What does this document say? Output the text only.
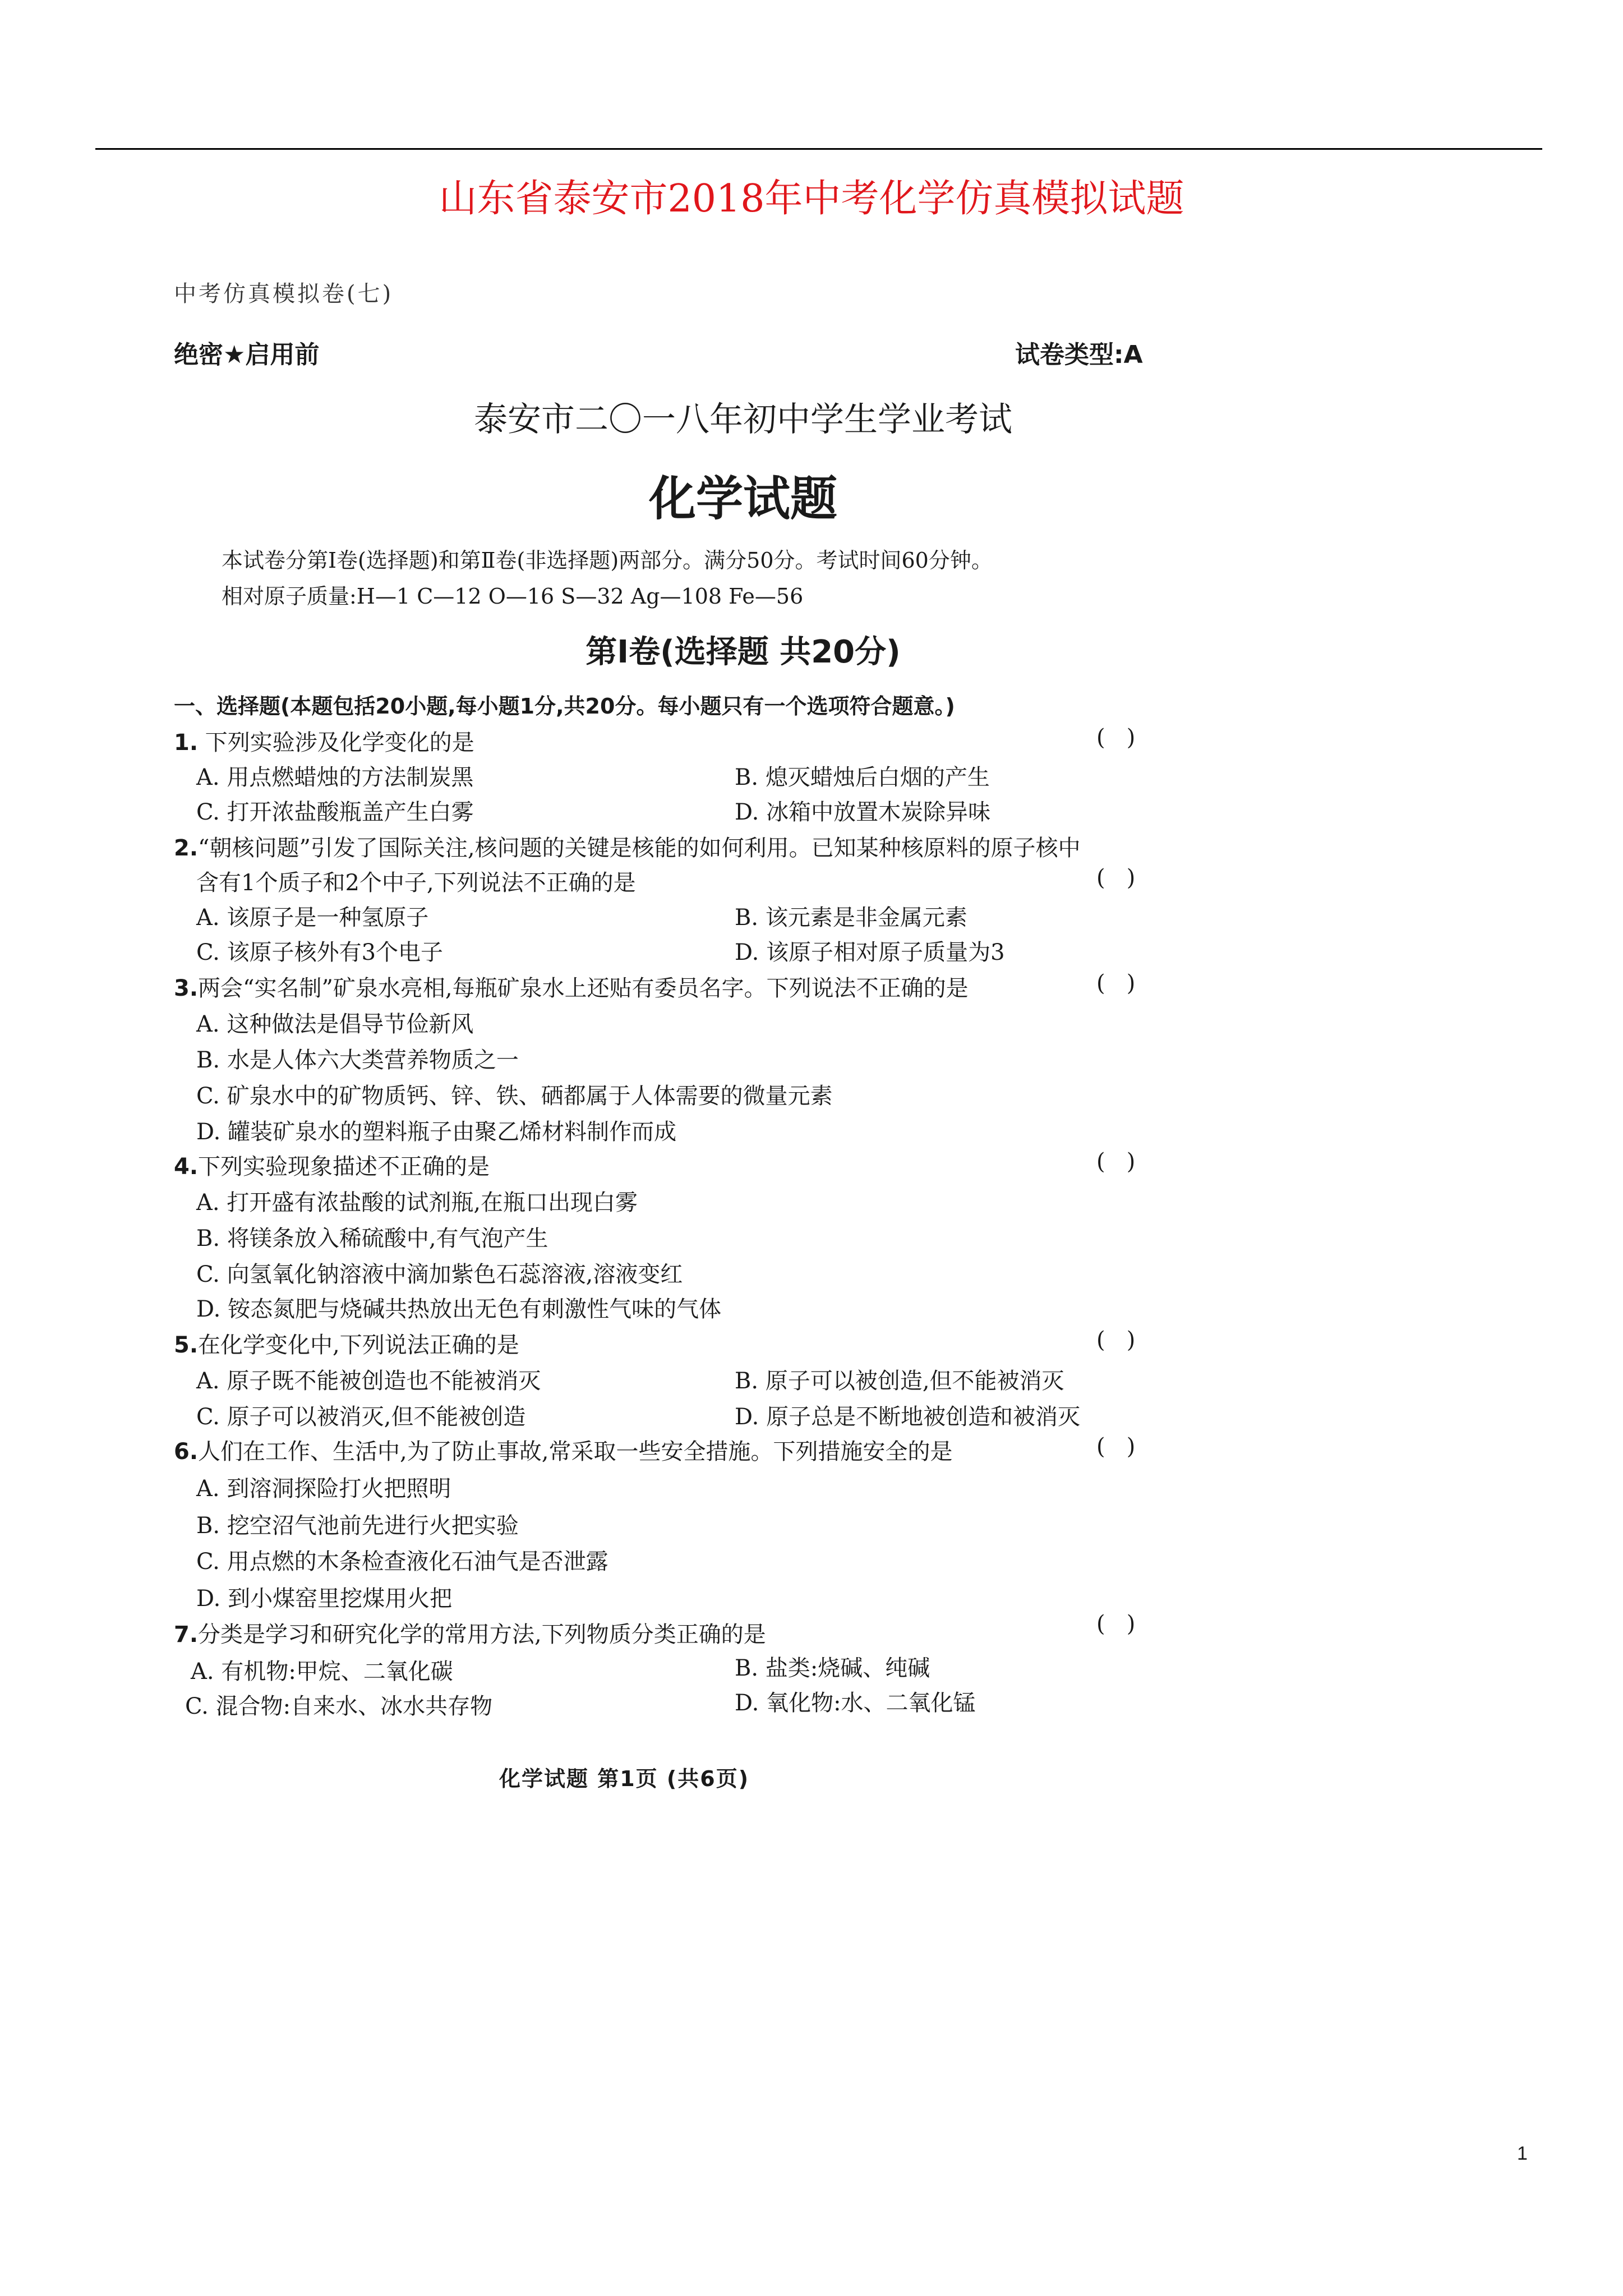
山东省泰安市2018年中考化学仿真模拟试题
中考仿真模拟卷(七)
绝密★启用前	试卷类型:A
泰安市二〇一八年初中学生学业考试
化学试题
本试卷分第Ⅰ卷(选择题)和第Ⅱ卷(非选择题)两部分。满分50分。考试时间60分钟。
相对原子质量:H—1 C—12 O—16 S—32 Ag—108 Fe—56
第Ⅰ卷(选择题 共20分)
一、选择题(本题包括20小题,每小题1分,共20分。每小题只有一个选项符合题意。)
1. 下列实验涉及化学变化的是	(   )
A. 用点燃蜡烛的方法制炭黑	B. 熄灭蜡烛后白烟的产生
C. 打开浓盐酸瓶盖产生白雾	D. 冰箱中放置木炭除异味
2.“朝核问题”引发了国际关注,核问题的关键是核能的如何利用。已知某种核原料的原子核中
含有1个质子和2个中子,下列说法不正确的是	(   )
A. 该原子是一种氢原子	B. 该元素是非金属元素
C. 该原子核外有3个电子	D. 该原子相对原子质量为3
3.两会“实名制”矿泉水亮相,每瓶矿泉水上还贴有委员名字。下列说法不正确的是	(   )
A. 这种做法是倡导节俭新风
B. 水是人体六大类营养物质之一
C. 矿泉水中的矿物质钙、锌、铁、硒都属于人体需要的微量元素
D. 罐装矿泉水的塑料瓶子由聚乙烯材料制作而成
4.下列实验现象描述不正确的是	(   )
A. 打开盛有浓盐酸的试剂瓶,在瓶口出现白雾
B. 将镁条放入稀硫酸中,有气泡产生
C. 向氢氧化钠溶液中滴加紫色石蕊溶液,溶液变红
D. 铵态氮肥与烧碱共热放出无色有刺激性气味的气体
5.在化学变化中,下列说法正确的是	(   )
A. 原子既不能被创造也不能被消灭	B. 原子可以被创造,但不能被消灭
C. 原子可以被消灭,但不能被创造	D. 原子总是不断地被创造和被消灭
6.人们在工作、生活中,为了防止事故,常采取一些安全措施。下列措施安全的是	(   )
A. 到溶洞探险打火把照明
B. 挖空沼气池前先进行火把实验
C. 用点燃的木条检查液化石油气是否泄露
D. 到小煤窑里挖煤用火把
7.分类是学习和研究化学的常用方法,下列物质分类正确的是	(   )
A. 有机物:甲烷、二氧化碳	B. 盐类:烧碱、纯碱
C. 混合物:自来水、冰水共存物	D. 氧化物:水、二氧化锰
化学试题 第1页 (共6页)
1
